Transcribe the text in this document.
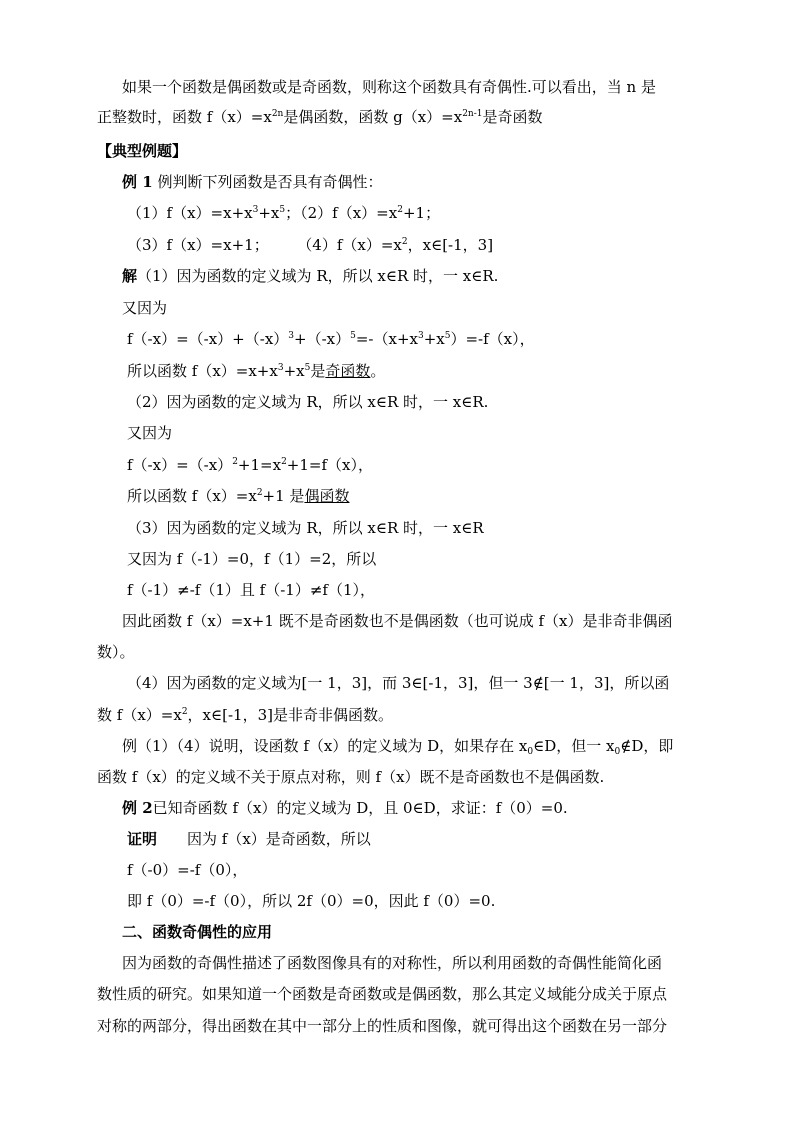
如果一个函数是偶函数或是奇函数，则称这个函数具有奇偶性.可以看出，当 n 是
正整数时，函数 $f(x)=x^{2n}$是偶函数，函数 $g(x)=x^{2n-1}$是奇函数
【典型例题】
例 1 例判断下列函数是否具有奇偶性：
$(1)f(x)=x+x^3+x^5$；$(2)f(x)=x^2+1$；
（3）f（x）=x+1；      $(4)f(x)=x^2$，x∈[-1，3]
解（1）因为函数的定义域为 R，所以 x∈R 时，一 x∈R.
又因为
$f(-x)=(-x)+(-x)^3+(-x)^5=-(x+x^3+x^5)=-f(x)$，
所以函数 $f(x)=x+x^3+x^5$是奇函数。
（2）因为函数的定义域为 R，所以 x∈R 时，一 x∈R.
又因为
$f(-x)=(-x)^2+1=x^2+1=f(x)$，
所以函数 $f(x)=x^2+1$ 是偶函数
（3）因为函数的定义域为 R，所以 x∈R 时，一 x∈R
又因为 f（-1）=0，f（1）=2，所以
f（-1）≠-f（1）且 f（-1）≠f（1），
因此函数 f（x）=x+1 既不是奇函数也不是偶函数（也可说成 f（x）是非奇非偶函
数）。
（4）因为函数的定义域为[一 1，3]，而 3∈[-1，3]，但一 3∉[一 1，3]，所以函
数 $f(x)=x^2$，x∈[-1，3]是非奇非偶函数。
例（1）（4）说明，设函数 f（x）的定义域为 D，如果存在 $x_0\in D$，但一 $x_0\notin D$，即
函数 f（x）的定义域不关于原点对称，则 f（x）既不是奇函数也不是偶函数.
例 2已知奇函数 f（x）的定义域为 D，且 0∈D，求证：f（0）=0.
证明 因为 f（x）是奇函数，所以
f（-0）=-f（0），
即 f（0）=-f（0），所以 2f（0）=0，因此 f（0）=0.
二、函数奇偶性的应用
因为函数的奇偶性描述了函数图像具有的对称性，所以利用函数的奇偶性能简化函
数性质的研究。如果知道一个函数是奇函数或是偶函数，那么其定义域能分成关于原点
对称的两部分，得出函数在其中一部分上的性质和图像，就可得出这个函数在另一部分
